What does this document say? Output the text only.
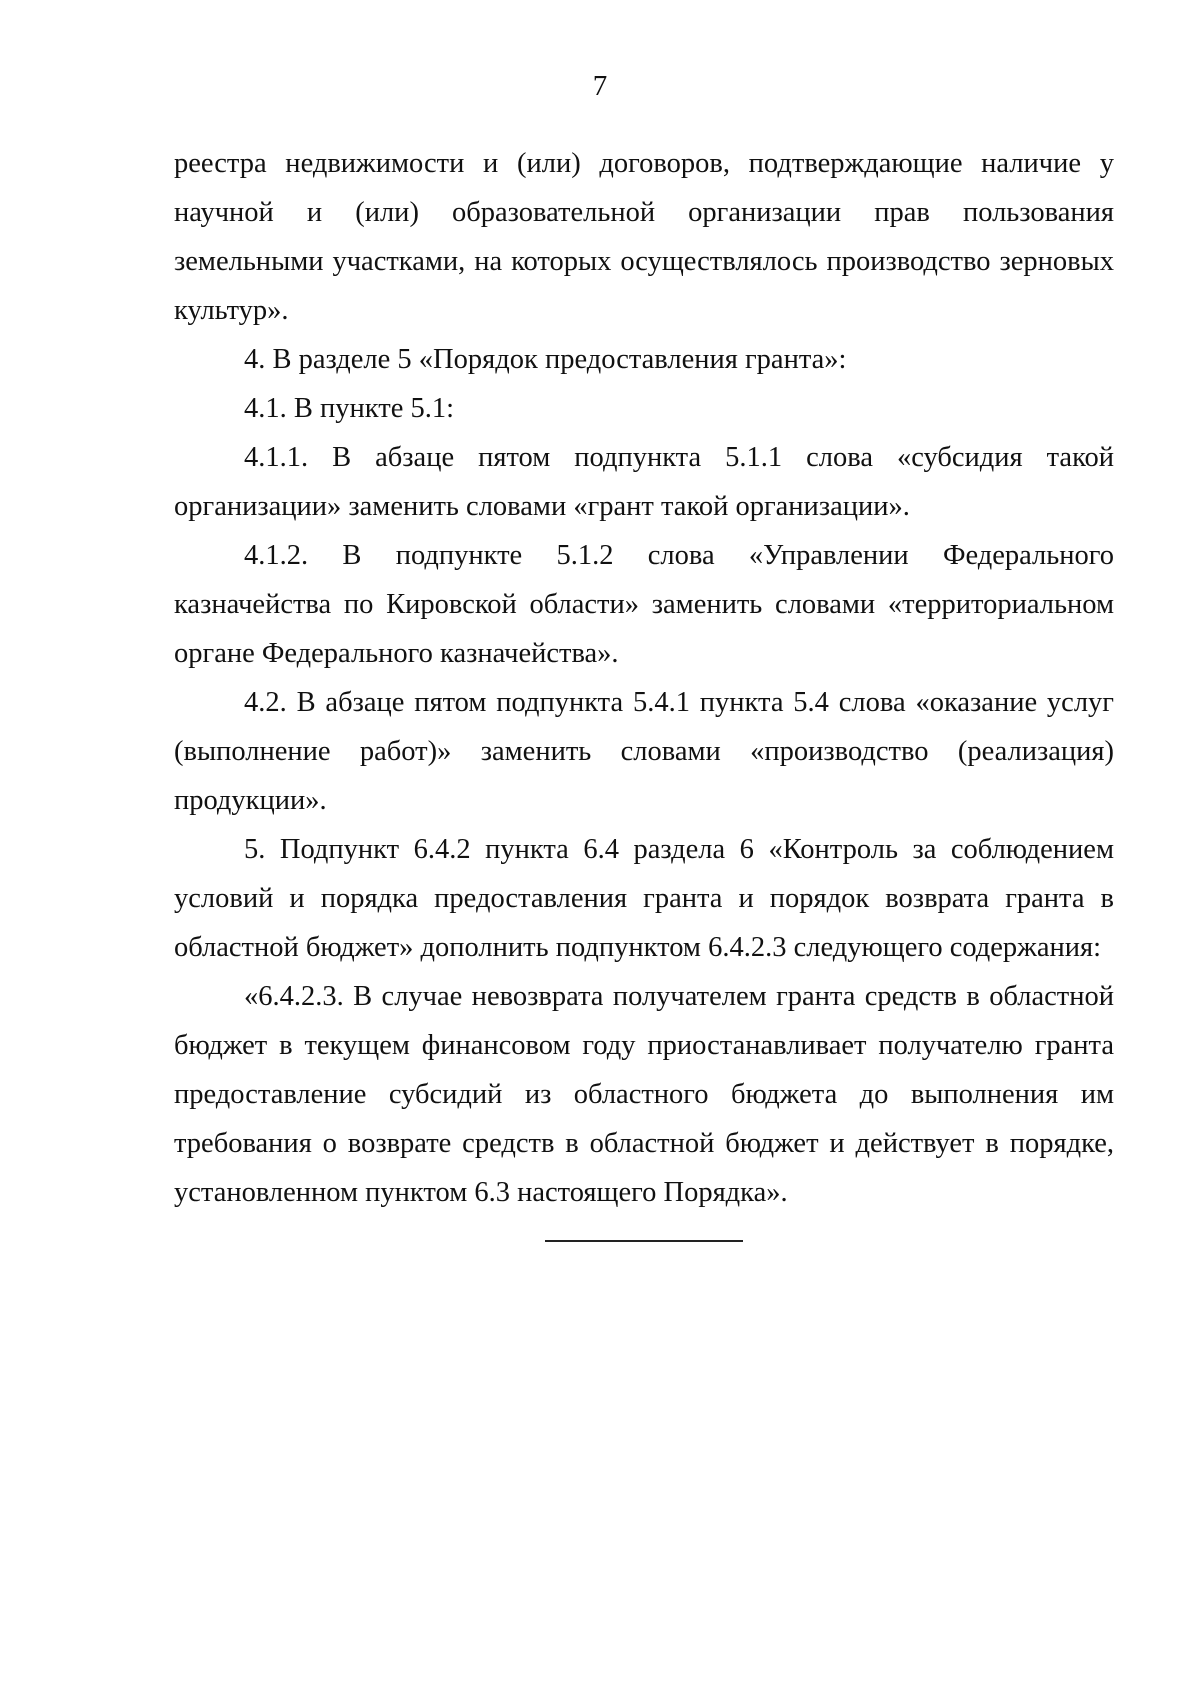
7

реестра недвижимости и (или) договоров, подтверждающие наличие у научной и (или) образовательной организации прав пользования земельными участками, на которых осуществлялось производство зерновых культур».

4. В разделе 5 «Порядок предоставления гранта»:

4.1. В пункте 5.1:

4.1.1. В абзаце пятом подпункта 5.1.1 слова «субсидия такой организации» заменить словами «грант такой организации».

4.1.2. В подпункте 5.1.2 слова «Управлении Федерального казначейства по Кировской области» заменить словами «территориальном органе Федерального казначейства».

4.2. В абзаце пятом подпункта 5.4.1 пункта 5.4 слова «оказание услуг (выполнение работ)» заменить словами «производство (реализация) продукции».

5. Подпункт 6.4.2 пункта 6.4 раздела 6 «Контроль за соблюдением условий и порядка предоставления гранта и порядок возврата гранта в областной бюджет» дополнить подпунктом 6.4.2.3 следующего содержания:

«6.4.2.3. В случае невозврата получателем гранта средств в областной бюджет в текущем финансовом году приостанавливает получателю гранта предоставление субсидий из областного бюджета до выполнения им требования о возврате средств в областной бюджет и действует в порядке, установленном пунктом 6.3 настоящего Порядка».
